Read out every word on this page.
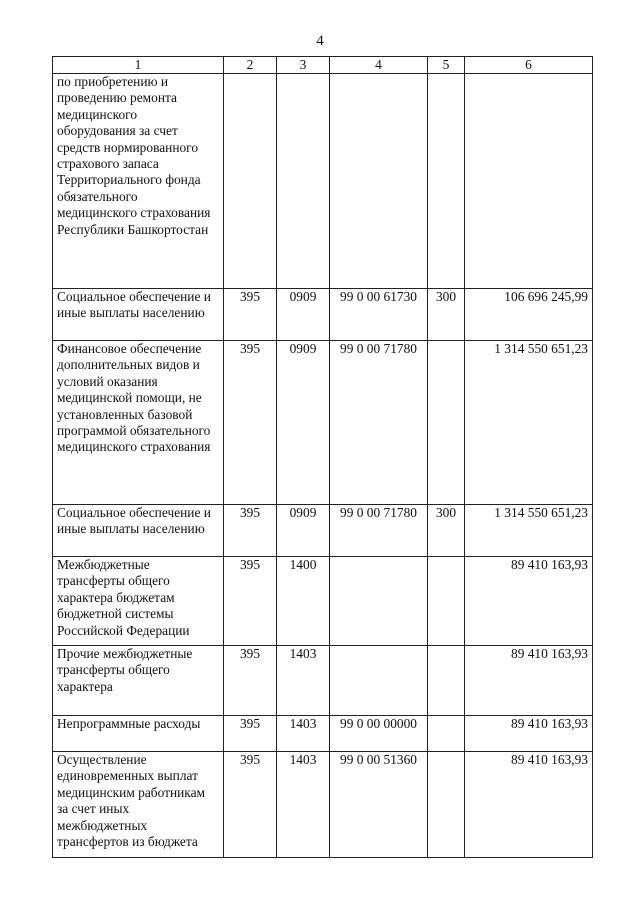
4
1	2	3	4	5	6
по приобретению и проведению ремонта медицинского оборудования за счет средств нормированного страхового запаса Территориального фонда обязательного медицинского страхования Республики Башкортостан					
Социальное обеспечение и иные выплаты населению	395	0909	99 0 00 61730	300	106 696 245,99
Финансовое обеспечение дополнительных видов и условий оказания медицинской помощи, не установленных базовой программой обязательного медицинского страхования	395	0909	99 0 00 71780		1 314 550 651,23
Социальное обеспечение и иные выплаты населению	395	0909	99 0 00 71780	300	1 314 550 651,23
Межбюджетные трансферты общего характера бюджетам бюджетной системы Российской Федерации	395	1400			89 410 163,93
Прочие межбюджетные трансферты общего характера	395	1403			89 410 163,93
Непрограммные расходы	395	1403	99 0 00 00000		89 410 163,93
Осуществление единовременных выплат медицинским работникам за счет иных межбюджетных трансфертов из бюджета	395	1403	99 0 00 51360		89 410 163,93
